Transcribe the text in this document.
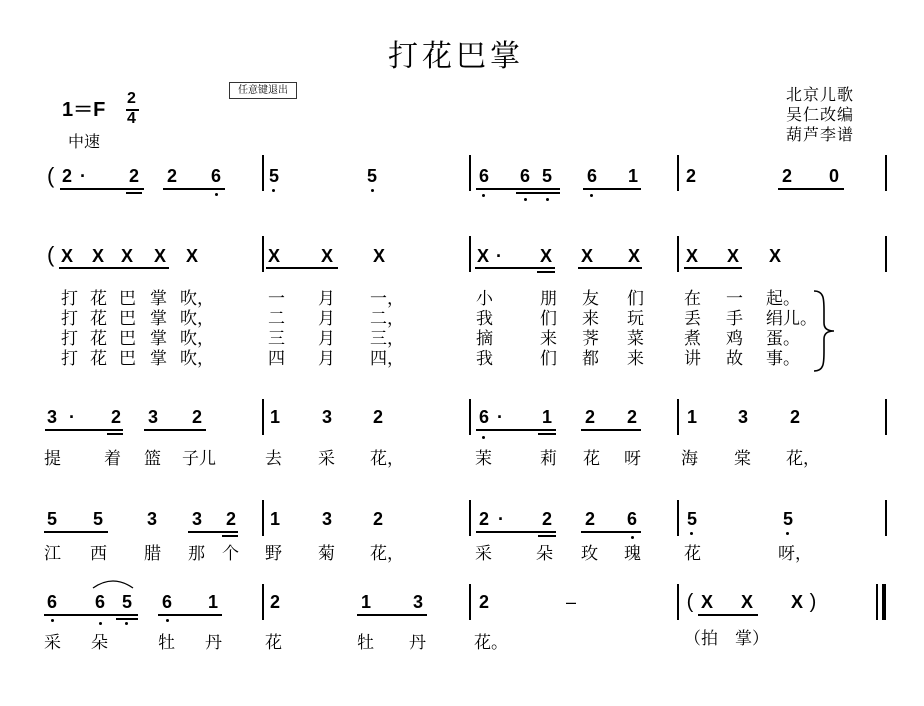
打花巴掌
任意键退出
1＝F
2
4
中速
北京儿歌
吴仁改编
葫芦李谱
( 2 · 2 2 6	5	5	6 6 5 6 1	2	2 0
( X X X X X	X X X	X · X X X	X X X
打 花 巴 掌 吹，	一 月 一，	小	朋 友 们 在 一 起。
打 花 巴 掌 吹，	二 月 二，	我	们 来 玩 丢 手 绢儿。
打 花 巴 掌 吹，	三 月 三，	摘	来 荠 菜 煮 鸡 蛋。
打 花 巴 掌 吹，	四 月 四，	我	们 都 来 讲 故 事。
3 · 2 3 2	1 3 2	6 · 1 2 2	1 3 2
提	着 篮 子儿	去 采 花，	茉	莉 花 呀 海 棠 花，
5 5 3 3 2 1 3 2	2 · 2 2 6	5	5
江 西 腊 那 个 野 菊 花，	采	朵 玫 瑰	花	呀，
6 6 5 6 1	2	1 3	2	–	( X X X )
采 朵	牡 丹	花	牡 丹	花。	（拍　掌）
